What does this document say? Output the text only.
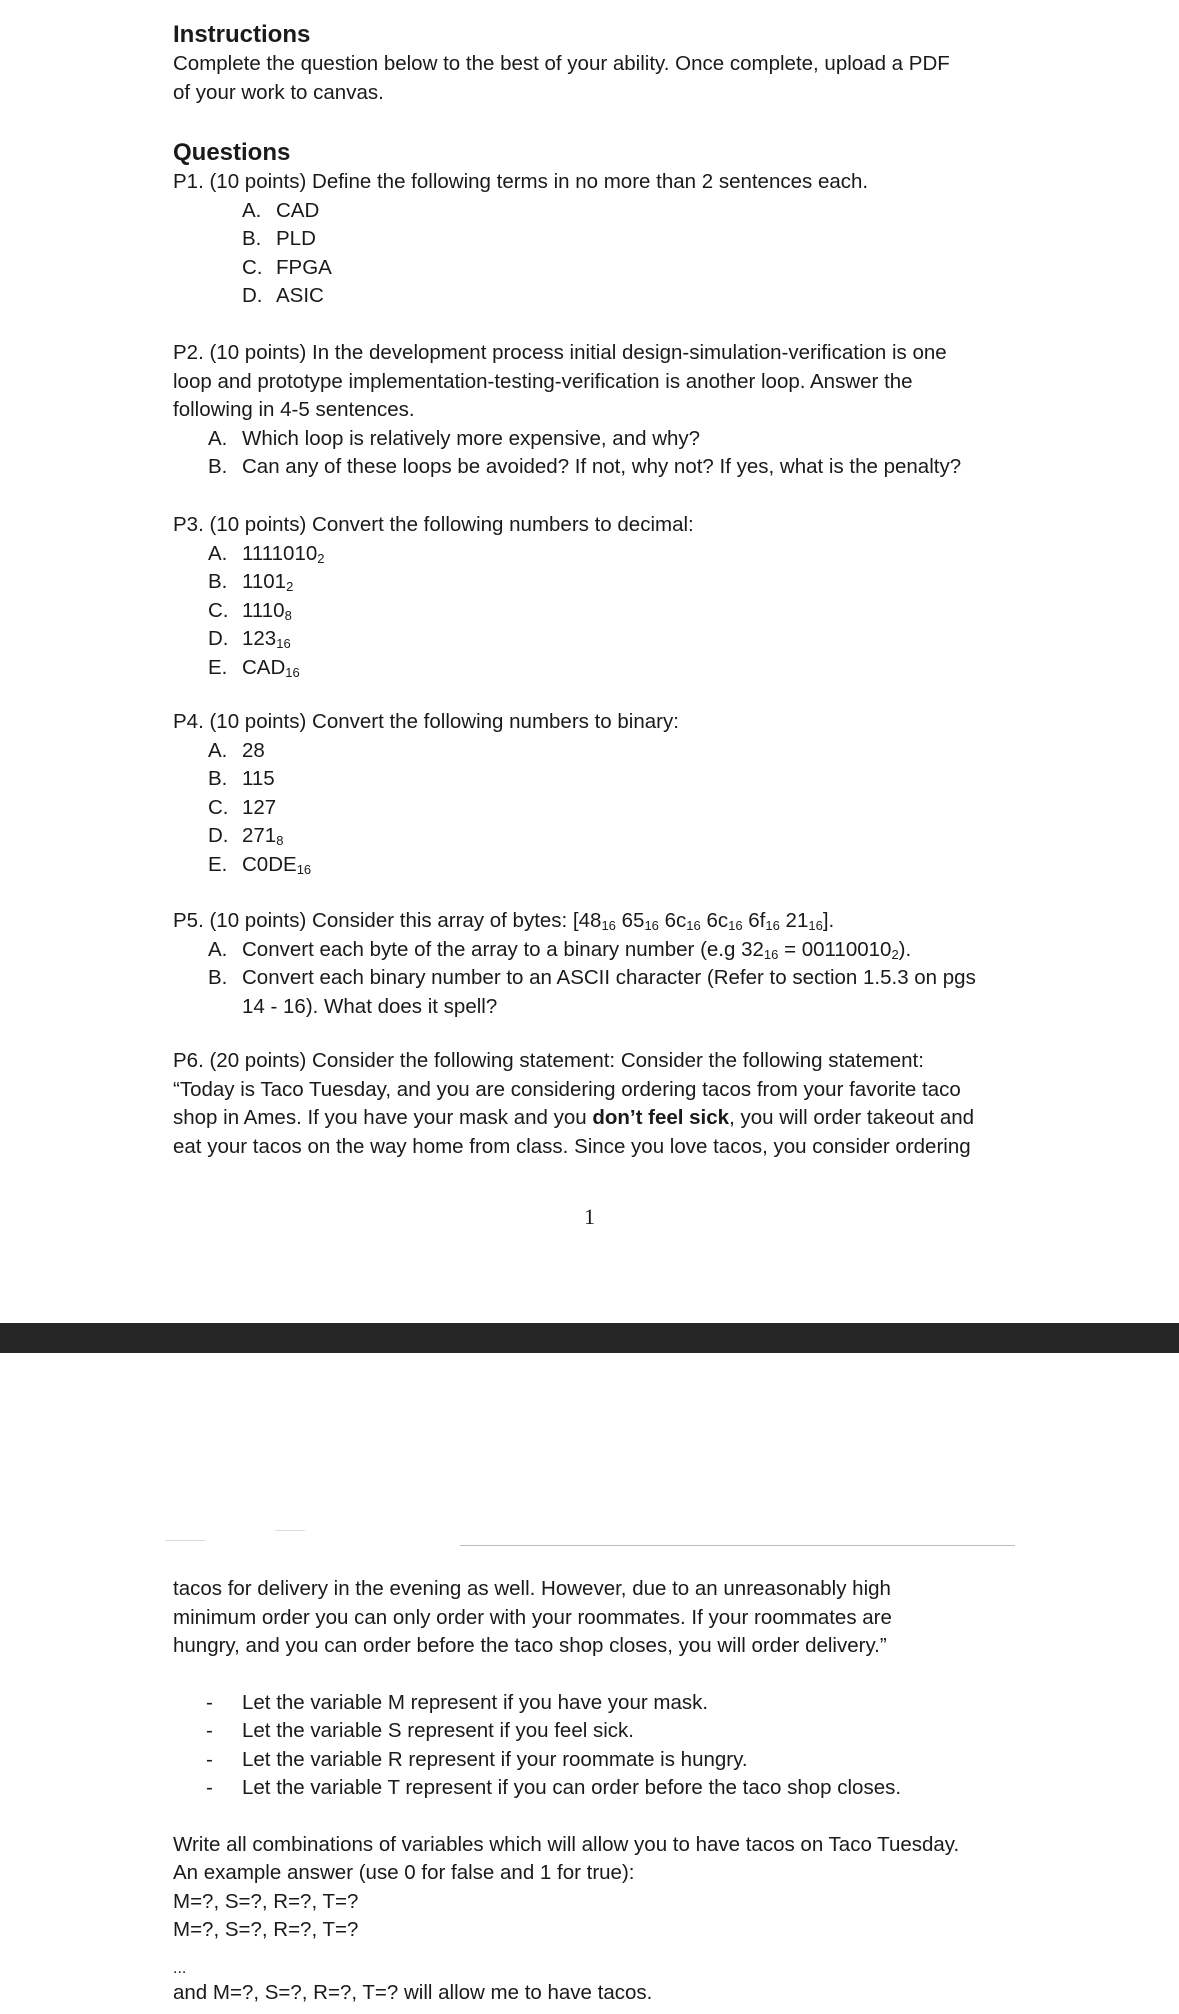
Instructions
Complete the question below to the best of your ability. Once complete, upload a PDF
of your work to canvas.
Questions
P1. (10 points) Define the following terms in no more than 2 sentences each.
A. CAD
B. PLD
C. FPGA
D. ASIC
P2. (10 points) In the development process initial design-simulation-verification is one
loop and prototype implementation-testing-verification is another loop. Answer the
following in 4-5 sentences.
A. Which loop is relatively more expensive, and why?
B. Can any of these loops be avoided? If not, why not? If yes, what is the penalty?
P3. (10 points) Convert the following numbers to decimal:
A. $1111010_2$
B. $1101_2$
C. $1110_8$
D. $123_{16}$
E. $CAD_{16}$
P4. (10 points) Convert the following numbers to binary:
A. 28
B. 115
C. 127
D. $271_8$
E. $C0DE_{16}$
P5. (10 points) Consider this array of bytes: [$48_{16}$ $65_{16}$ $6c_{16}$ $6c_{16}$ $6f_{16}$ $21_{16}$].
A. Convert each byte of the array to a binary number (e.g $32_{16} = 00110010_2$).
B. Convert each binary number to an ASCII character (Refer to section 1.5.3 on pgs
14 - 16). What does it spell?
P6. (20 points) Consider the following statement: Consider the following statement:
“Today is Taco Tuesday, and you are considering ordering tacos from your favorite taco
shop in Ames. If you have your mask and you don’t feel sick, you will order takeout and
eat your tacos on the way home from class. Since you love tacos, you consider ordering
1
tacos for delivery in the evening as well. However, due to an unreasonably high
minimum order you can only order with your roommates. If your roommates are
hungry, and you can order before the taco shop closes, you will order delivery.”
- Let the variable M represent if you have your mask.
- Let the variable S represent if you feel sick.
- Let the variable R represent if your roommate is hungry.
- Let the variable T represent if you can order before the taco shop closes.
Write all combinations of variables which will allow you to have tacos on Taco Tuesday.
An example answer (use 0 for false and 1 for true):
M=?, S=?, R=?, T=?
M=?, S=?, R=?, T=?
...
and M=?, S=?, R=?, T=? will allow me to have tacos.
